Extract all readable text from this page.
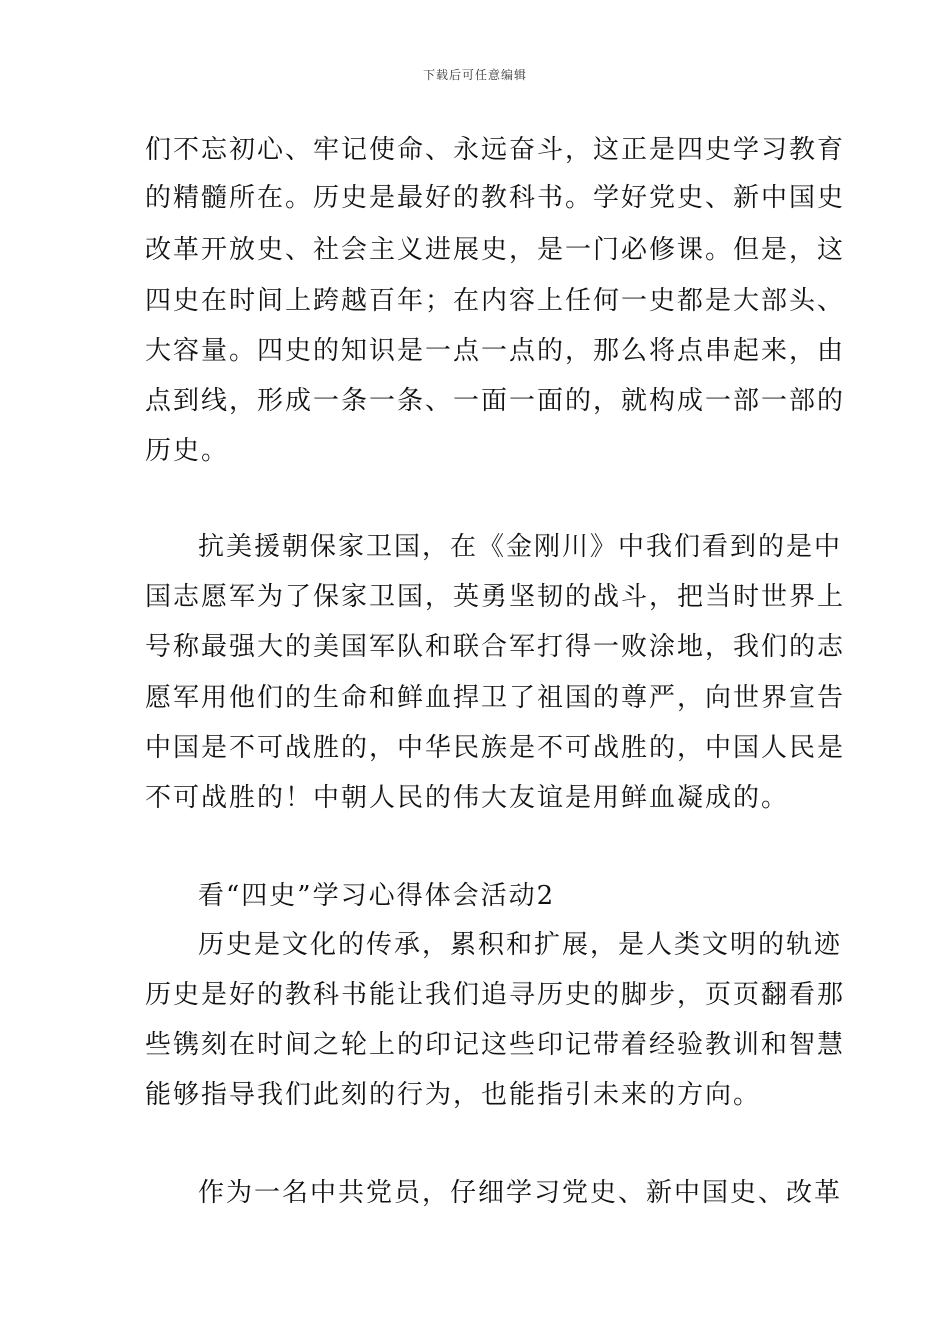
下载后可任意编辑
们不忘初心、牢记使命、永远奋斗，这正是四史学习教育
的精髓所在。历史是最好的教科书。学好党史、新中国史
改革开放史、社会主义进展史，是一门必修课。但是，这
四史在时间上跨越百年；在内容上任何一史都是大部头、
大容量。四史的知识是一点一点的，那么将点串起来，由
点到线，形成一条一条、一面一面的，就构成一部一部的
历史。
抗美援朝保家卫国，在《金刚川》中我们看到的是中
国志愿军为了保家卫国，英勇坚韧的战斗，把当时世界上
号称最强大的美国军队和联合军打得一败涂地，我们的志
愿军用他们的生命和鲜血捍卫了祖国的尊严，向世界宣告
中国是不可战胜的，中华民族是不可战胜的，中国人民是
不可战胜的！中朝人民的伟大友谊是用鲜血凝成的。
看“四史”学习心得体会活动2
历史是文化的传承，累积和扩展，是人类文明的轨迹
历史是好的教科书能让我们追寻历史的脚步，页页翻看那
些镌刻在时间之轮上的印记这些印记带着经验教训和智慧
能够指导我们此刻的行为，也能指引未来的方向。
作为一名中共党员，仔细学习党史、新中国史、改革
